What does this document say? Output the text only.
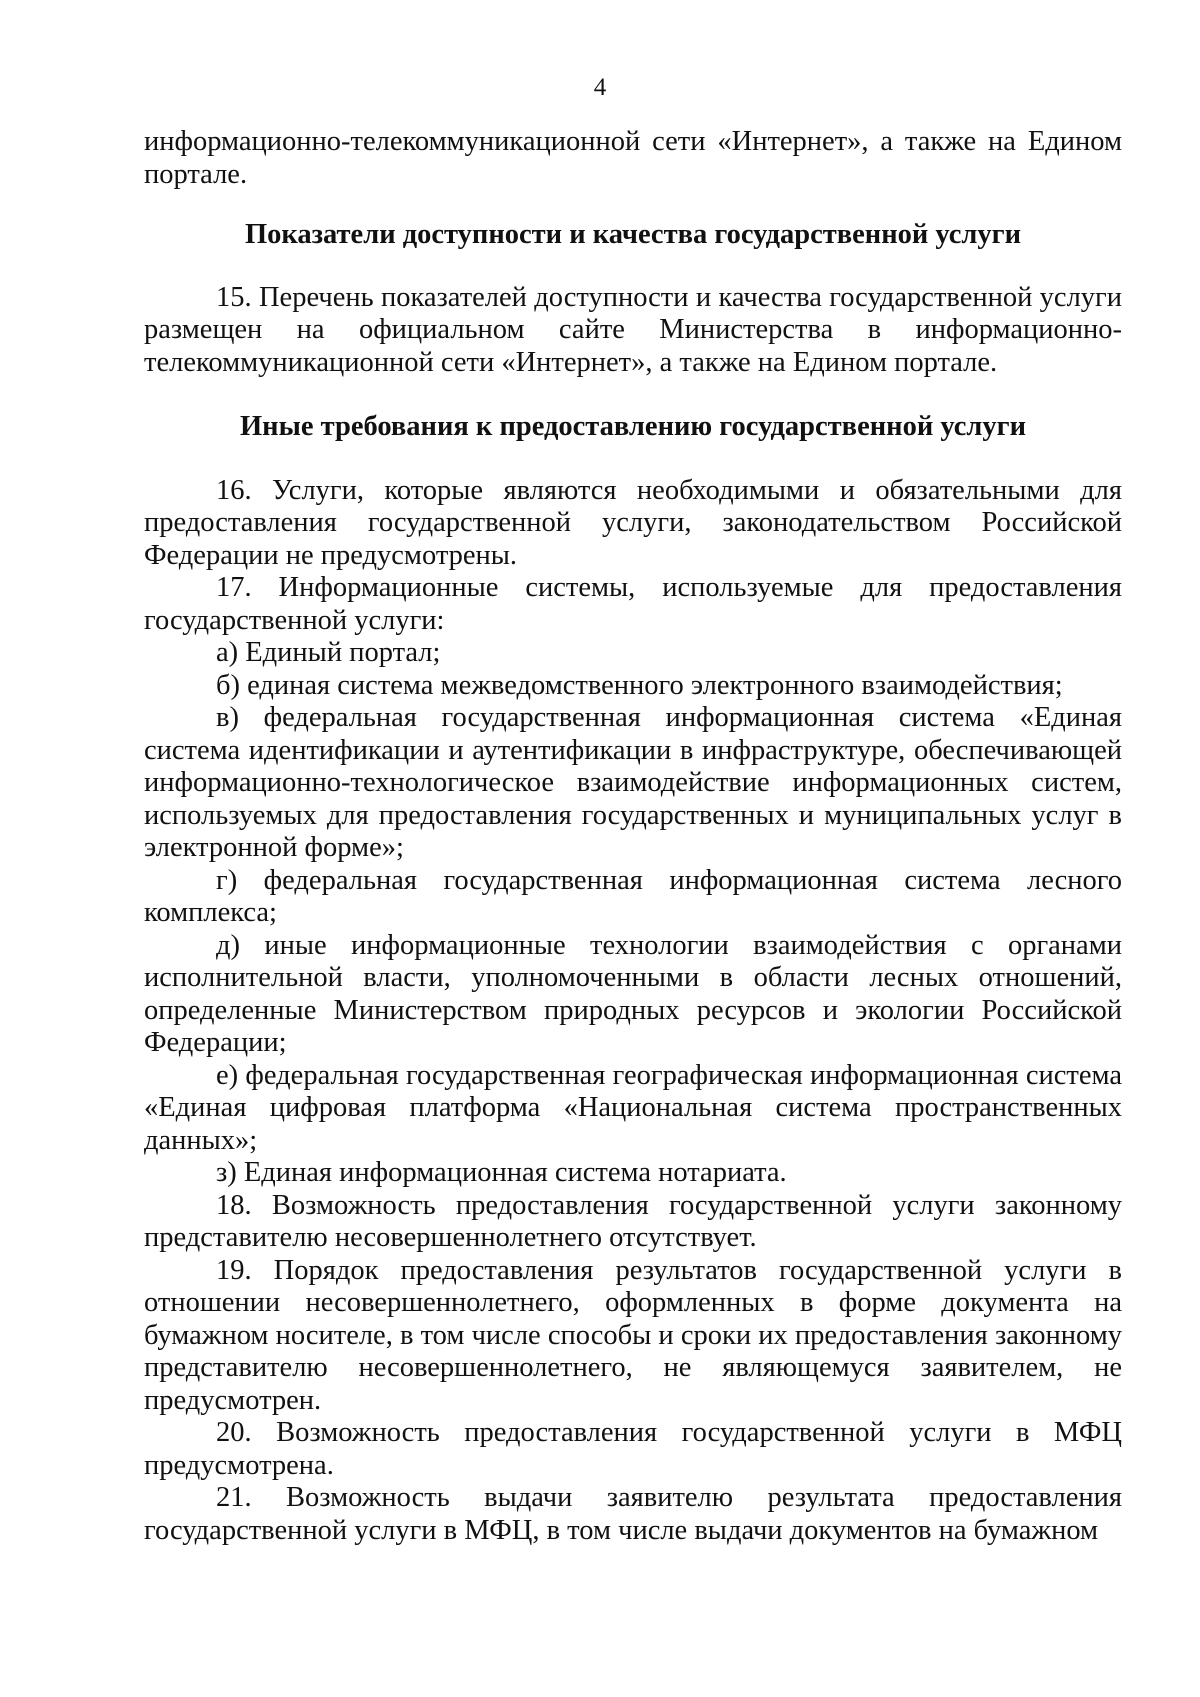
4

информационно-телекоммуникационной сети «Интернет», а также на Едином портале.

Показатели доступности и качества государственной услуги

15. Перечень показателей доступности и качества государственной услуги размещен на официальном сайте Министерства в информационно-телекоммуникационной сети «Интернет», а также на Едином портале.

Иные требования к предоставлению государственной услуги

16. Услуги, которые являются необходимыми и обязательными для предоставления государственной услуги, законодательством Российской Федерации не предусмотрены.

17. Информационные системы, используемые для предоставления государственной услуги:

а) Единый портал;

б) единая система межведомственного электронного взаимодействия;

в) федеральная государственная информационная система «Единая система идентификации и аутентификации в инфраструктуре, обеспечивающей информационно-технологическое взаимодействие информационных систем, используемых для предоставления государственных и муниципальных услуг в электронной форме»;

г) федеральная государственная информационная система лесного комплекса;

д) иные информационные технологии взаимодействия с органами исполнительной власти, уполномоченными в области лесных отношений, определенные Министерством природных ресурсов и экологии Российской Федерации;

е) федеральная государственная географическая информационная система «Единая цифровая платформа «Национальная система пространственных данных»;

з) Единая информационная система нотариата.

18. Возможность предоставления государственной услуги законному представителю несовершеннолетнего отсутствует.

19. Порядок предоставления результатов государственной услуги в отношении несовершеннолетнего, оформленных в форме документа на бумажном носителе, в том числе способы и сроки их предоставления законному представителю несовершеннолетнего, не являющемуся заявителем, не предусмотрен.

20. Возможность предоставления государственной услуги в МФЦ предусмотрена.

21. Возможность выдачи заявителю результата предоставления государственной услуги в МФЦ, в том числе выдачи документов на бумажном
